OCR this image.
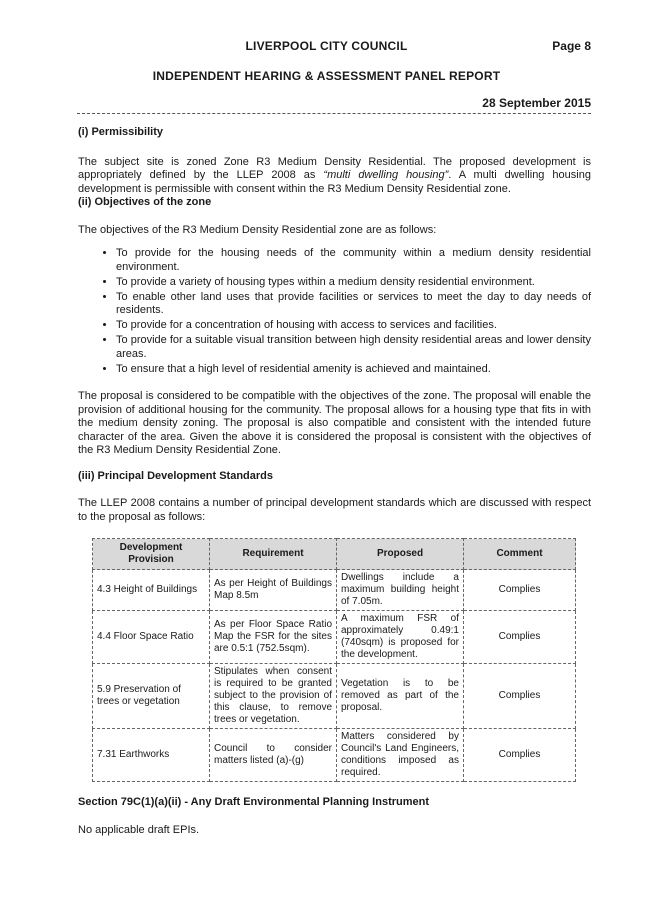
LIVERPOOL CITY COUNCIL	Page 8
INDEPENDENT HEARING & ASSESSMENT PANEL REPORT
28 September 2015
(i) Permissibility

The subject site is zoned Zone R3 Medium Density Residential. The proposed development is appropriately defined by the LLEP 2008 as “multi dwelling housing”. A multi dwelling housing development is permissible with consent within the R3 Medium Density Residential zone.

(ii) Objectives of the zone

The objectives of the R3 Medium Density Residential zone are as follows:

• To provide for the housing needs of the community within a medium density residential environment.
• To provide a variety of housing types within a medium density residential environment.
• To enable other land uses that provide facilities or services to meet the day to day needs of residents.
• To provide for a concentration of housing with access to services and facilities.
• To provide for a suitable visual transition between high density residential areas and lower density areas.
• To ensure that a high level of residential amenity is achieved and maintained.

The proposal is considered to be compatible with the objectives of the zone. The proposal will enable the provision of additional housing for the community. The proposal allows for a housing type that fits in with the medium density zoning. The proposal is also compatible and consistent with the intended future character of the area. Given the above it is considered the proposal is consistent with the objectives of the R3 Medium Density Residential Zone.

(iii) Principal Development Standards

The LLEP 2008 contains a number of principal development standards which are discussed with respect to the proposal as follows:

Development Provision	Requirement	Proposed	Comment
4.3 Height of Buildings	As per Height of Buildings Map 8.5m	Dwellings include a maximum building height of 7.05m.	Complies
4.4 Floor Space Ratio	As per Floor Space Ratio Map the FSR for the sites are 0.5:1 (752.5sqm).	A maximum FSR of approximately 0.49:1 (740sqm) is proposed for the development.	Complies
5.9 Preservation of trees or vegetation	Stipulates when consent is required to be granted subject to the provision of this clause, to remove trees or vegetation.	Vegetation is to be removed as part of the proposal.	Complies
7.31 Earthworks	Council to consider matters listed (a)-(g)	Matters considered by Council's Land Engineers, conditions imposed as required.	Complies
Section 79C(1)(a)(ii) - Any Draft Environmental Planning Instrument

No applicable draft EPIs.
